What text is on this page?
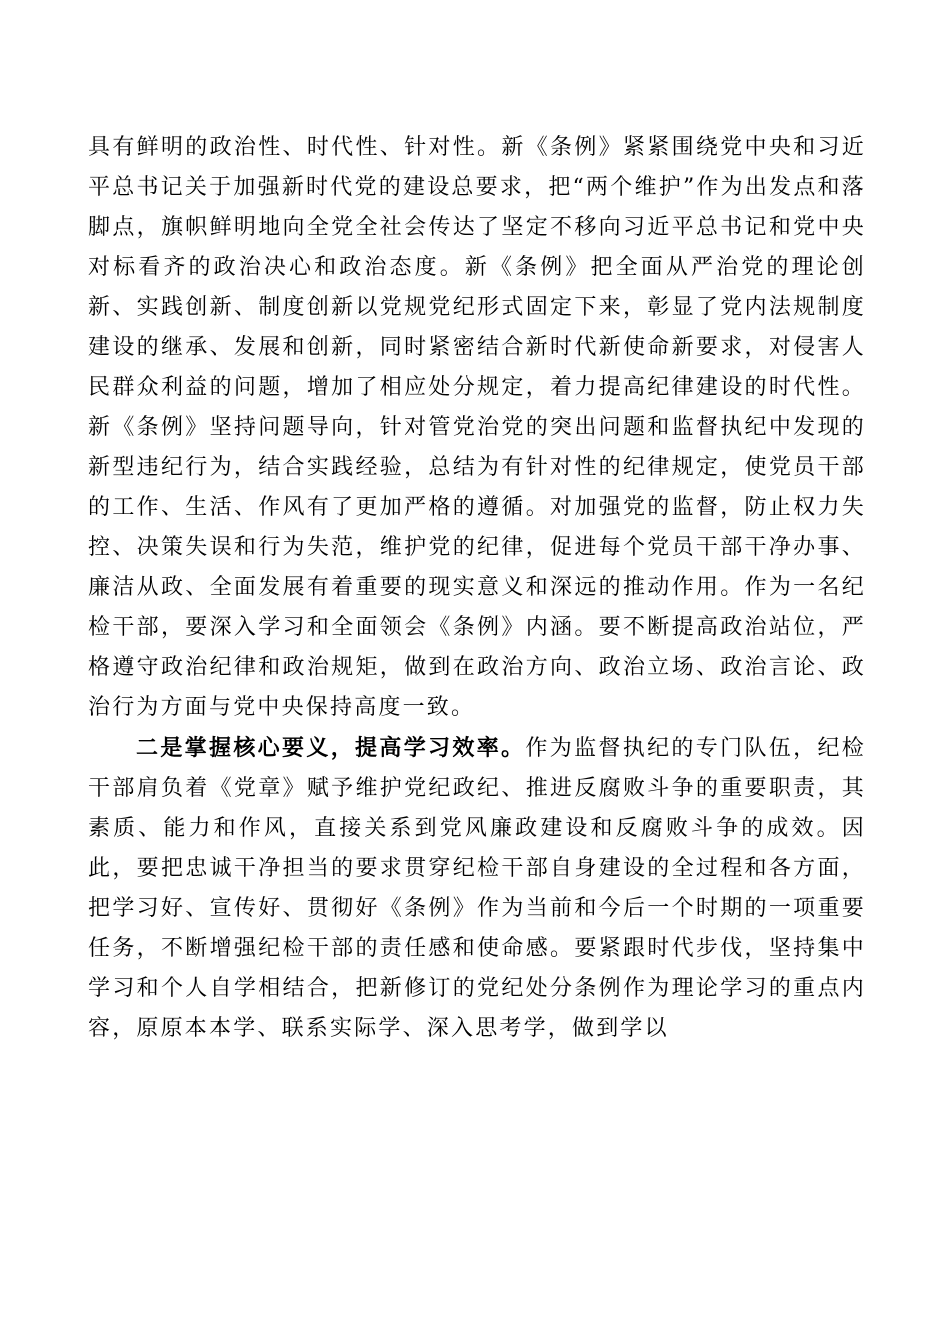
具有鲜明的政治性、时代性、针对性。新《条例》紧紧围绕党中央和习近平总书记关于加强新时代党的建设总要求，把“两个维护”作为出发点和落脚点，旗帜鲜明地向全党全社会传达了坚定不移向习近平总书记和党中央对标看齐的政治决心和政治态度。新《条例》把全面从严治党的理论创新、实践创新、制度创新以党规党纪形式固定下来，彰显了党内法规制度建设的继承、发展和创新，同时紧密结合新时代新使命新要求，对侵害人民群众利益的问题，增加了相应处分规定，着力提高纪律建设的时代性。新《条例》坚持问题导向，针对管党治党的突出问题和监督执纪中发现的新型违纪行为，结合实践经验，总结为有针对性的纪律规定，使党员干部的工作、生活、作风有了更加严格的遵循。对加强党的监督，防止权力失控、决策失误和行为失范，维护党的纪律，促进每个党员干部干净办事、廉洁从政、全面发展有着重要的现实意义和深远的推动作用。作为一名纪检干部，要深入学习和全面领会《条例》内涵。要不断提高政治站位，严格遵守政治纪律和政治规矩，做到在政治方向、政治立场、政治言论、政治行为方面与党中央保持高度一致。

二是掌握核心要义，提高学习效率。作为监督执纪的专门队伍，纪检干部肩负着《党章》赋予维护党纪政纪、推进反腐败斗争的重要职责，其素质、能力和作风，直接关系到党风廉政建设和反腐败斗争的成效。因此，要把忠诚干净担当的要求贯穿纪检干部自身建设的全过程和各方面，把学习好、宣传好、贯彻好《条例》作为当前和今后一个时期的一项重要任务，不断增强纪检干部的责任感和使命感。要紧跟时代步伐，坚持集中学习和个人自学相结合，把新修订的党纪处分条例作为理论学习的重点内容，原原本本学、联系实际学、深入思考学，做到学以
